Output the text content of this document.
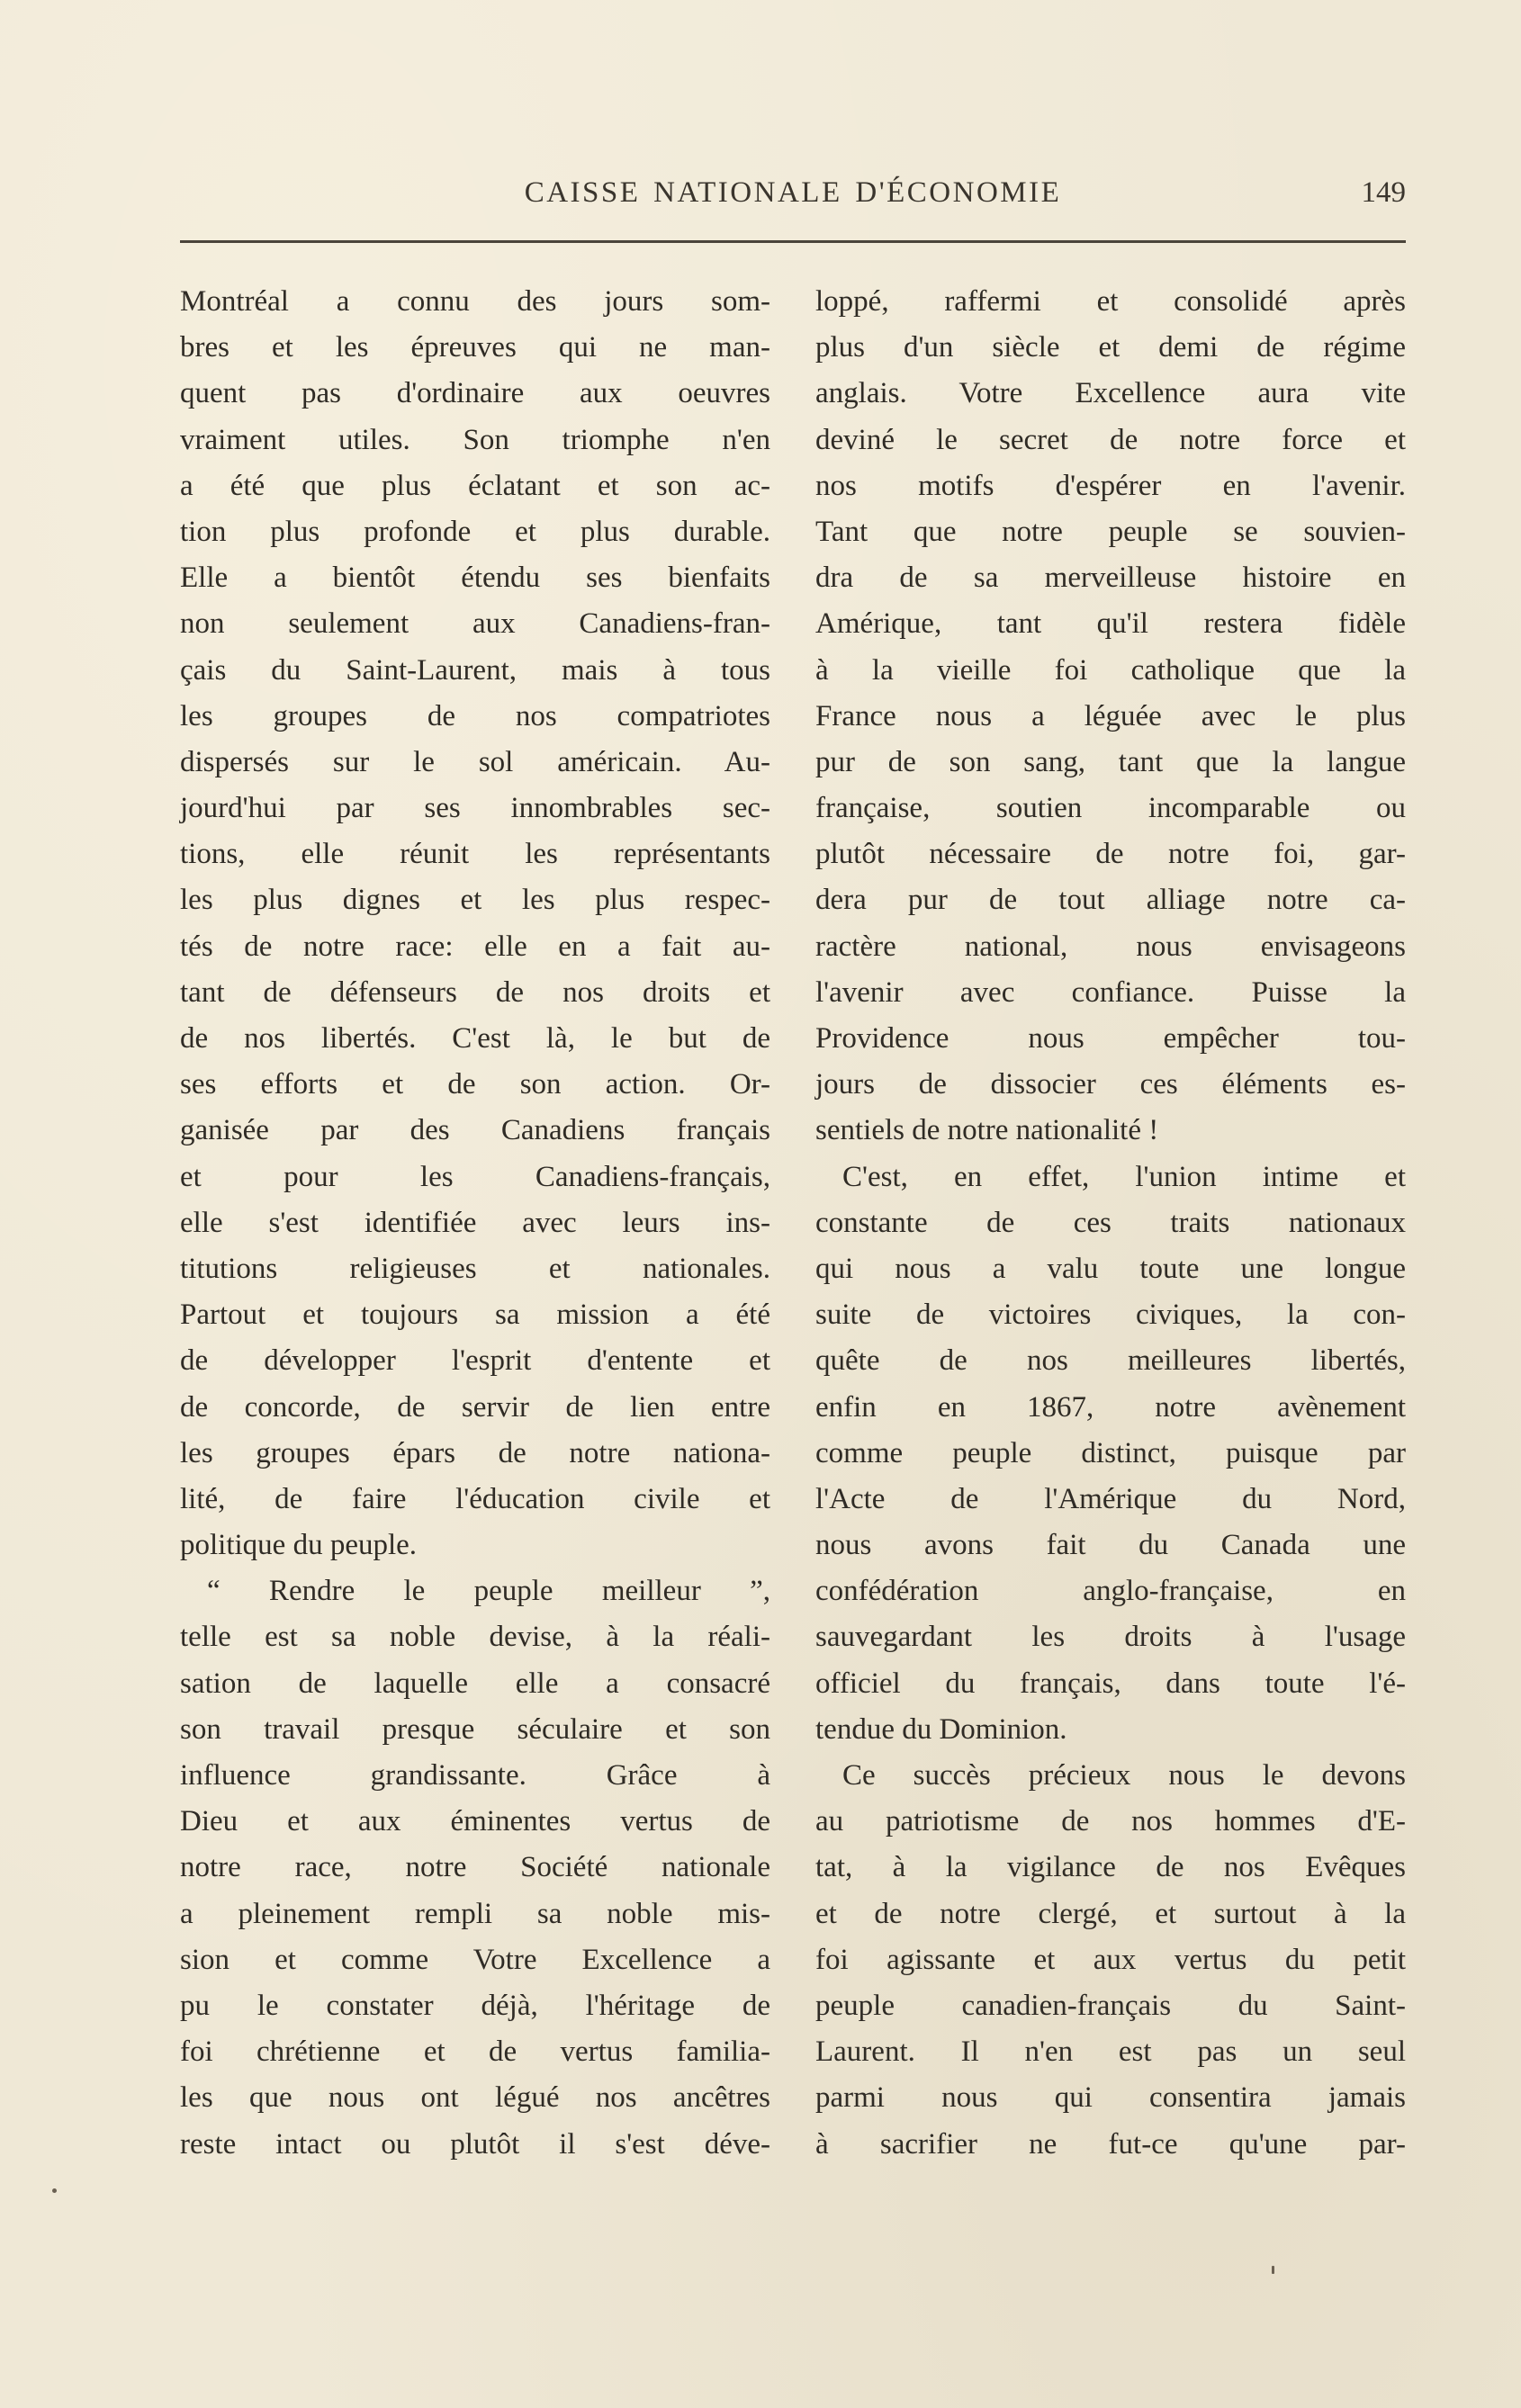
CAISSE NATIONALE D'ÉCONOMIE	149
Montréal a connu des jours som-
bres et les épreuves qui ne man-
quent pas d'ordinaire aux oeuvres
vraiment utiles. Son triomphe n'en
a été que plus éclatant et son ac-
tion plus profonde et plus durable.
Elle a bientôt étendu ses bienfaits
non seulement aux Canadiens-fran-
çais du Saint-Laurent, mais à tous
les groupes de nos compatriotes
dispersés sur le sol américain. Au-
jourd'hui par ses innombrables sec-
tions, elle réunit les représentants
les plus dignes et les plus respec-
tés de notre race: elle en a fait au-
tant de défenseurs de nos droits et
de nos libertés. C'est là, le but de
ses efforts et de son action. Or-
ganisée par des Canadiens français
et pour les Canadiens-français,
elle s'est identifiée avec leurs ins-
titutions religieuses et nationales.
Partout et toujours sa mission a été
de développer l'esprit d'entente et
de concorde, de servir de lien entre
les groupes épars de notre nationa-
lité, de faire l'éducation civile et
politique du peuple.
“ Rendre le peuple meilleur ”,
telle est sa noble devise, à la réali-
sation de laquelle elle a consacré
son travail presque séculaire et son
influence grandissante. Grâce à
Dieu et aux éminentes vertus de
notre race, notre Société nationale
a pleinement rempli sa noble mis-
sion et comme Votre Excellence a
pu le constater déjà, l'héritage de
foi chrétienne et de vertus familia-
les que nous ont légué nos ancêtres
reste intact ou plutôt il s'est déve-
loppé, raffermi et consolidé après
plus d'un siècle et demi de régime
anglais. Votre Excellence aura vite
deviné le secret de notre force et
nos motifs d'espérer en l'avenir.
Tant que notre peuple se souvien-
dra de sa merveilleuse histoire en
Amérique, tant qu'il restera fidèle
à la vieille foi catholique que la
France nous a léguée avec le plus
pur de son sang, tant que la langue
française, soutien incomparable ou
plutôt nécessaire de notre foi, gar-
dera pur de tout alliage notre ca-
ractère national, nous envisageons
l'avenir avec confiance. Puisse la
Providence nous empêcher tou-
jours de dissocier ces éléments es-
sentiels de notre nationalité !
C'est, en effet, l'union intime et
constante de ces traits nationaux
qui nous a valu toute une longue
suite de victoires civiques, la con-
quête de nos meilleures libertés,
enfin en 1867, notre avènement
comme peuple distinct, puisque par
l'Acte de l'Amérique du Nord,
nous avons fait du Canada une
confédération anglo-française, en
sauvegardant les droits à l'usage
officiel du français, dans toute l'é-
tendue du Dominion.
Ce succès précieux nous le devons
au patriotisme de nos hommes d'E-
tat, à la vigilance de nos Evêques
et de notre clergé, et surtout à la
foi agissante et aux vertus du petit
peuple canadien-français du Saint-
Laurent. Il n'en est pas un seul
parmi nous qui consentira jamais
à sacrifier ne fut-ce qu'une par-
